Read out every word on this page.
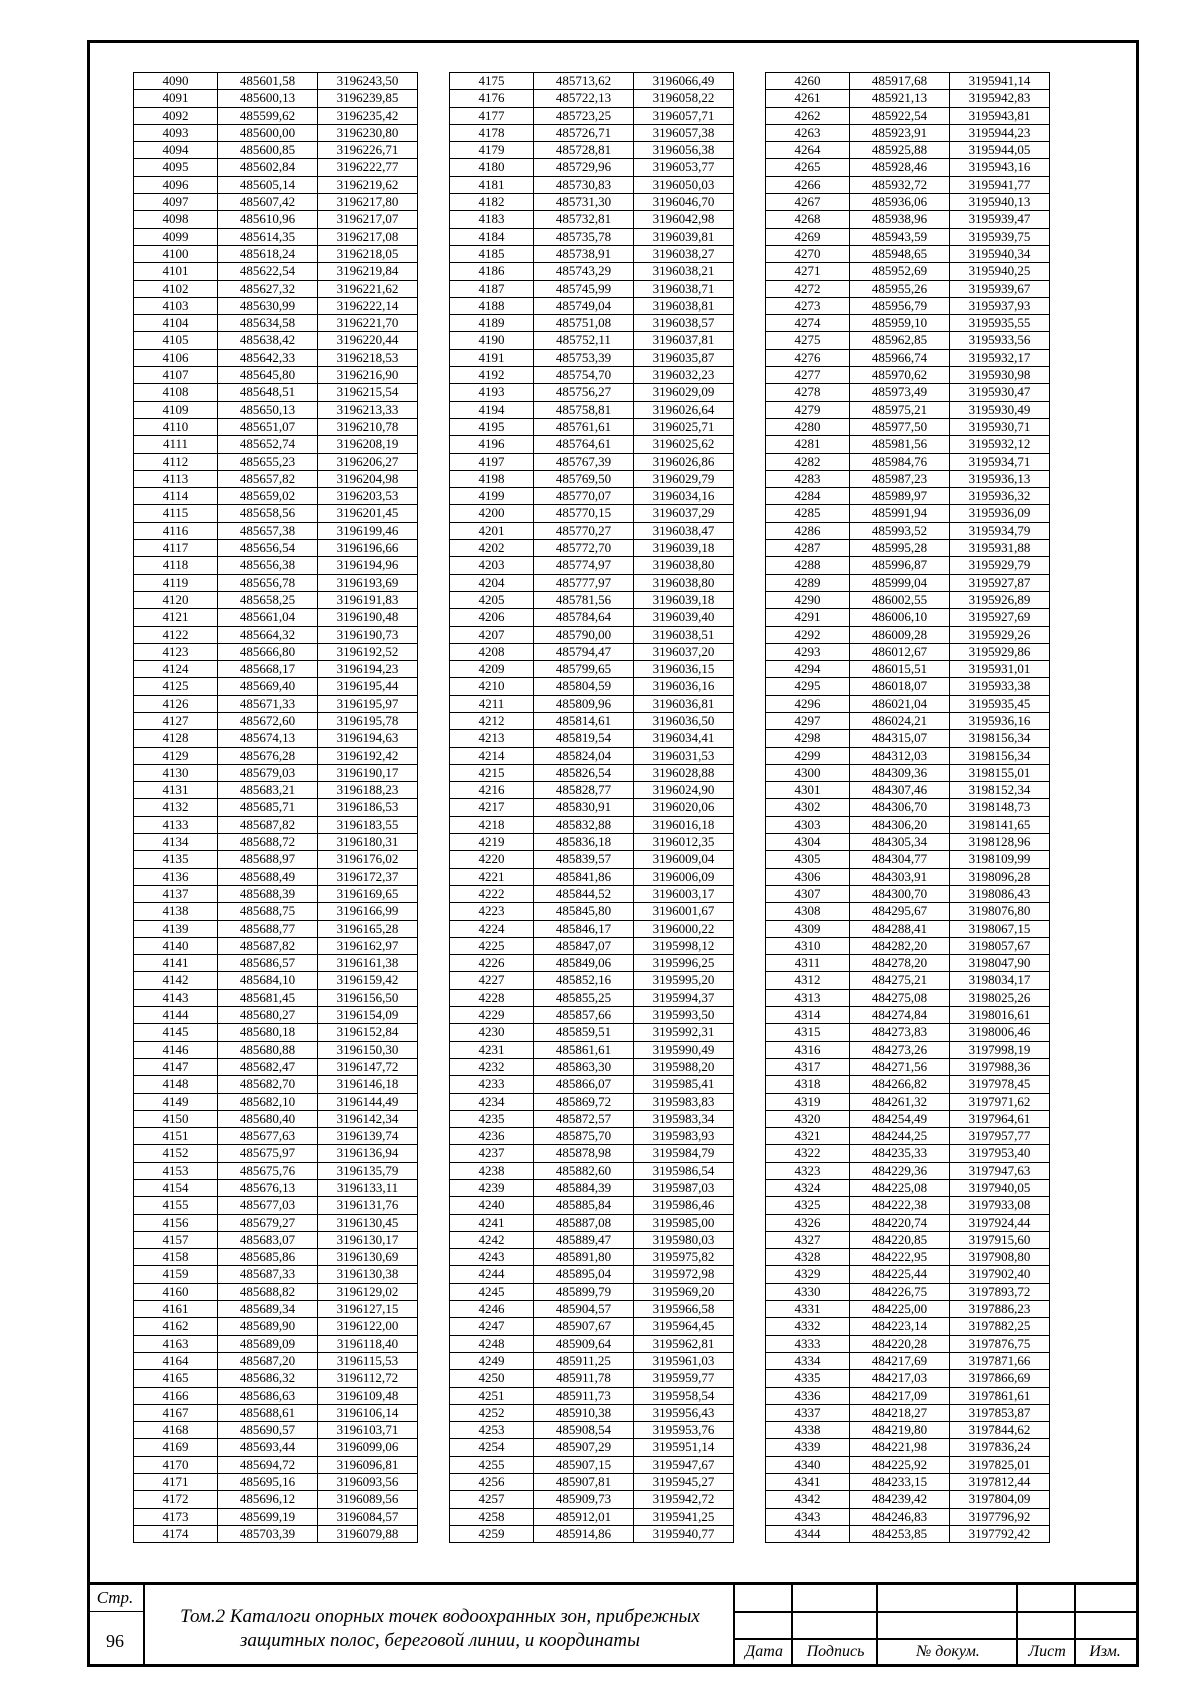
4090	485601,58	3196243,50
4091	485600,13	3196239,85
4092	485599,62	3196235,42
4093	485600,00	3196230,80
4094	485600,85	3196226,71
4095	485602,84	3196222,77
4096	485605,14	3196219,62
4097	485607,42	3196217,80
4098	485610,96	3196217,07
4099	485614,35	3196217,08
4100	485618,24	3196218,05
4101	485622,54	3196219,84
4102	485627,32	3196221,62
4103	485630,99	3196222,14
4104	485634,58	3196221,70
4105	485638,42	3196220,44
4106	485642,33	3196218,53
4107	485645,80	3196216,90
4108	485648,51	3196215,54
4109	485650,13	3196213,33
4110	485651,07	3196210,78
4111	485652,74	3196208,19
4112	485655,23	3196206,27
4113	485657,82	3196204,98
4114	485659,02	3196203,53
4115	485658,56	3196201,45
4116	485657,38	3196199,46
4117	485656,54	3196196,66
4118	485656,38	3196194,96
4119	485656,78	3196193,69
4120	485658,25	3196191,83
4121	485661,04	3196190,48
4122	485664,32	3196190,73
4123	485666,80	3196192,52
4124	485668,17	3196194,23
4125	485669,40	3196195,44
4126	485671,33	3196195,97
4127	485672,60	3196195,78
4128	485674,13	3196194,63
4129	485676,28	3196192,42
4130	485679,03	3196190,17
4131	485683,21	3196188,23
4132	485685,71	3196186,53
4133	485687,82	3196183,55
4134	485688,72	3196180,31
4135	485688,97	3196176,02
4136	485688,49	3196172,37
4137	485688,39	3196169,65
4138	485688,75	3196166,99
4139	485688,77	3196165,28
4140	485687,82	3196162,97
4141	485686,57	3196161,38
4142	485684,10	3196159,42
4143	485681,45	3196156,50
4144	485680,27	3196154,09
4145	485680,18	3196152,84
4146	485680,88	3196150,30
4147	485682,47	3196147,72
4148	485682,70	3196146,18
4149	485682,10	3196144,49
4150	485680,40	3196142,34
4151	485677,63	3196139,74
4152	485675,97	3196136,94
4153	485675,76	3196135,79
4154	485676,13	3196133,11
4155	485677,03	3196131,76
4156	485679,27	3196130,45
4157	485683,07	3196130,17
4158	485685,86	3196130,69
4159	485687,33	3196130,38
4160	485688,82	3196129,02
4161	485689,34	3196127,15
4162	485689,90	3196122,00
4163	485689,09	3196118,40
4164	485687,20	3196115,53
4165	485686,32	3196112,72
4166	485686,63	3196109,48
4167	485688,61	3196106,14
4168	485690,57	3196103,71
4169	485693,44	3196099,06
4170	485694,72	3196096,81
4171	485695,16	3196093,56
4172	485696,12	3196089,56
4173	485699,19	3196084,57
4174	485703,39	3196079,88
4175	485713,62	3196066,49
4176	485722,13	3196058,22
4177	485723,25	3196057,71
4178	485726,71	3196057,38
4179	485728,81	3196056,38
4180	485729,96	3196053,77
4181	485730,83	3196050,03
4182	485731,30	3196046,70
4183	485732,81	3196042,98
4184	485735,78	3196039,81
4185	485738,91	3196038,27
4186	485743,29	3196038,21
4187	485745,99	3196038,71
4188	485749,04	3196038,81
4189	485751,08	3196038,57
4190	485752,11	3196037,81
4191	485753,39	3196035,87
4192	485754,70	3196032,23
4193	485756,27	3196029,09
4194	485758,81	3196026,64
4195	485761,61	3196025,71
4196	485764,61	3196025,62
4197	485767,39	3196026,86
4198	485769,50	3196029,79
4199	485770,07	3196034,16
4200	485770,15	3196037,29
4201	485770,27	3196038,47
4202	485772,70	3196039,18
4203	485774,97	3196038,80
4204	485777,97	3196038,80
4205	485781,56	3196039,18
4206	485784,64	3196039,40
4207	485790,00	3196038,51
4208	485794,47	3196037,20
4209	485799,65	3196036,15
4210	485804,59	3196036,16
4211	485809,96	3196036,81
4212	485814,61	3196036,50
4213	485819,54	3196034,41
4214	485824,04	3196031,53
4215	485826,54	3196028,88
4216	485828,77	3196024,90
4217	485830,91	3196020,06
4218	485832,88	3196016,18
4219	485836,18	3196012,35
4220	485839,57	3196009,04
4221	485841,86	3196006,09
4222	485844,52	3196003,17
4223	485845,80	3196001,67
4224	485846,17	3196000,22
4225	485847,07	3195998,12
4226	485849,06	3195996,25
4227	485852,16	3195995,20
4228	485855,25	3195994,37
4229	485857,66	3195993,50
4230	485859,51	3195992,31
4231	485861,61	3195990,49
4232	485863,30	3195988,20
4233	485866,07	3195985,41
4234	485869,72	3195983,83
4235	485872,57	3195983,34
4236	485875,70	3195983,93
4237	485878,98	3195984,79
4238	485882,60	3195986,54
4239	485884,39	3195987,03
4240	485885,84	3195986,46
4241	485887,08	3195985,00
4242	485889,47	3195980,03
4243	485891,80	3195975,82
4244	485895,04	3195972,98
4245	485899,79	3195969,20
4246	485904,57	3195966,58
4247	485907,67	3195964,45
4248	485909,64	3195962,81
4249	485911,25	3195961,03
4250	485911,78	3195959,77
4251	485911,73	3195958,54
4252	485910,38	3195956,43
4253	485908,54	3195953,76
4254	485907,29	3195951,14
4255	485907,15	3195947,67
4256	485907,81	3195945,27
4257	485909,73	3195942,72
4258	485912,01	3195941,25
4259	485914,86	3195940,77
4260	485917,68	3195941,14
4261	485921,13	3195942,83
4262	485922,54	3195943,81
4263	485923,91	3195944,23
4264	485925,88	3195944,05
4265	485928,46	3195943,16
4266	485932,72	3195941,77
4267	485936,06	3195940,13
4268	485938,96	3195939,47
4269	485943,59	3195939,75
4270	485948,65	3195940,34
4271	485952,69	3195940,25
4272	485955,26	3195939,67
4273	485956,79	3195937,93
4274	485959,10	3195935,55
4275	485962,85	3195933,56
4276	485966,74	3195932,17
4277	485970,62	3195930,98
4278	485973,49	3195930,47
4279	485975,21	3195930,49
4280	485977,50	3195930,71
4281	485981,56	3195932,12
4282	485984,76	3195934,71
4283	485987,23	3195936,13
4284	485989,97	3195936,32
4285	485991,94	3195936,09
4286	485993,52	3195934,79
4287	485995,28	3195931,88
4288	485996,87	3195929,79
4289	485999,04	3195927,87
4290	486002,55	3195926,89
4291	486006,10	3195927,69
4292	486009,28	3195929,26
4293	486012,67	3195929,86
4294	486015,51	3195931,01
4295	486018,07	3195933,38
4296	486021,04	3195935,45
4297	486024,21	3195936,16
4298	484315,07	3198156,34
4299	484312,03	3198156,34
4300	484309,36	3198155,01
4301	484307,46	3198152,34
4302	484306,70	3198148,73
4303	484306,20	3198141,65
4304	484305,34	3198128,96
4305	484304,77	3198109,99
4306	484303,91	3198096,28
4307	484300,70	3198086,43
4308	484295,67	3198076,80
4309	484288,41	3198067,15
4310	484282,20	3198057,67
4311	484278,20	3198047,90
4312	484275,21	3198034,17
4313	484275,08	3198025,26
4314	484274,84	3198016,61
4315	484273,83	3198006,46
4316	484273,26	3197998,19
4317	484271,56	3197988,36
4318	484266,82	3197978,45
4319	484261,32	3197971,62
4320	484254,49	3197964,61
4321	484244,25	3197957,77
4322	484235,33	3197953,40
4323	484229,36	3197947,63
4324	484225,08	3197940,05
4325	484222,38	3197933,08
4326	484220,74	3197924,44
4327	484220,85	3197915,60
4328	484222,95	3197908,80
4329	484225,44	3197902,40
4330	484226,75	3197893,72
4331	484225,00	3197886,23
4332	484223,14	3197882,25
4333	484220,28	3197876,75
4334	484217,69	3197871,66
4335	484217,03	3197866,69
4336	484217,09	3197861,61
4337	484218,27	3197853,87
4338	484219,80	3197844,62
4339	484221,98	3197836,24
4340	484225,92	3197825,01
4341	484233,15	3197812,44
4342	484239,42	3197804,09
4343	484246,83	3197796,92
4344	484253,85	3197792,42
Стр.
96
Том.2 Каталоги опорных точек водоохранных зон, прибрежных защитных полос, береговой линии, и координаты
Дата	Подпись	№ докум.	Лист	Изм.
